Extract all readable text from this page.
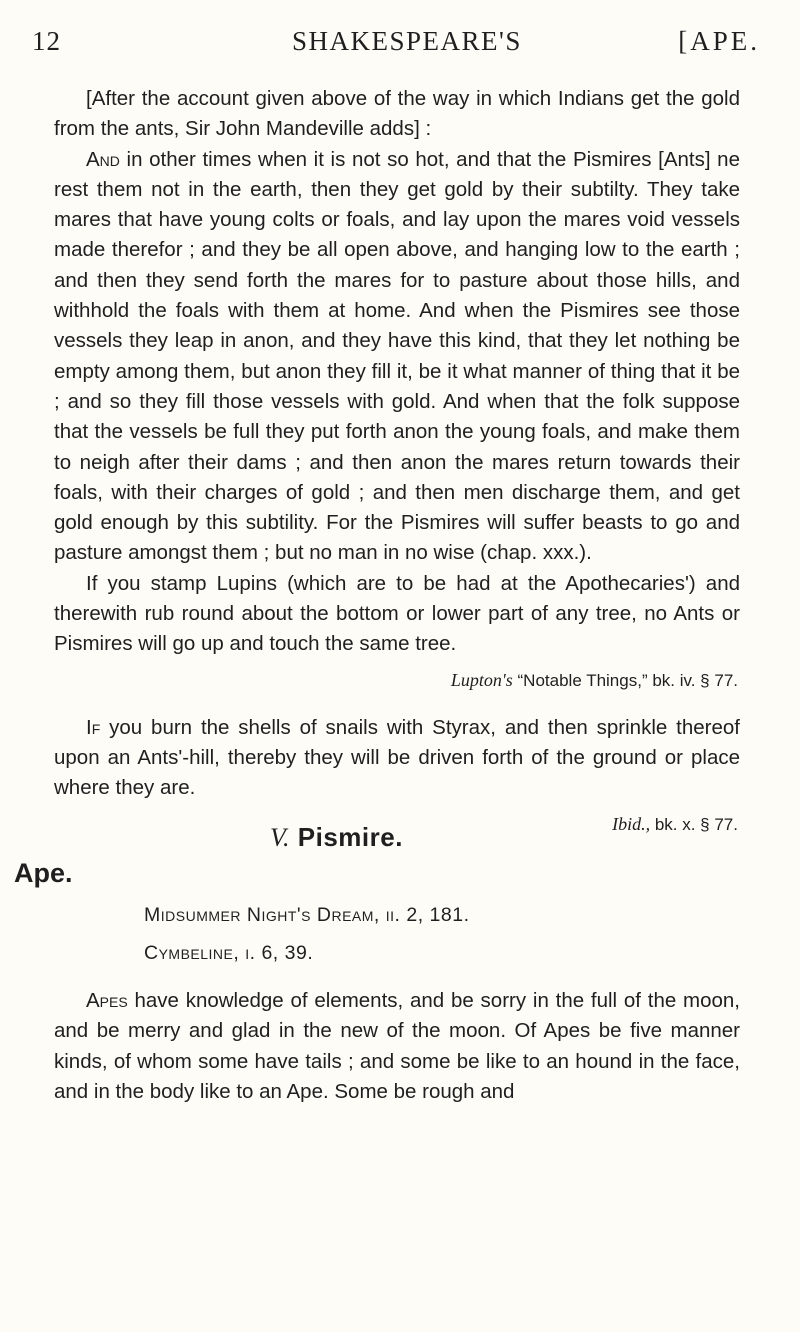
12	SHAKESPEARE'S	[APE.

[After the account given above of the way in which Indians get the gold from the ants, Sir John Mandeville adds] :

And in other times when it is not so hot, and that the Pismires [Ants] ne rest them not in the earth, then they get gold by their subtilty. They take mares that have young colts or foals, and lay upon the mares void vessels made therefor ; and they be all open above, and hanging low to the earth ; and then they send forth the mares for to pasture about those hills, and withhold the foals with them at home. And when the Pismires see those vessels they leap in anon, and they have this kind, that they let nothing be empty among them, but anon they fill it, be it what manner of thing that it be ; and so they fill those vessels with gold. And when that the folk suppose that the vessels be full they put forth anon the young foals, and make them to neigh after their dams ; and then anon the mares return towards their foals, with their charges of gold ; and then men discharge them, and get gold enough by this subtility. For the Pismires will suffer beasts to go and pasture amongst them ; but no man in no wise (chap. xxx.).

If you stamp Lupins (which are to be had at the Apothecaries') and therewith rub round about the bottom or lower part of any tree, no Ants or Pismires will go up and touch the same tree.

Lupton's “Notable Things,” bk. iv. § 77.

If you burn the shells of snails with Styrax, and then sprinkle thereof upon an Ants'-hill, thereby they will be driven forth of the ground or place where they are.

Ibid., bk. x. § 77.
V. Pismire.
Ape.
Midsummer Night's Dream, ii. 2, 181.
Cymbeline, i. 6, 39.

Apes have knowledge of elements, and be sorry in the full of the moon, and be merry and glad in the new of the moon. Of Apes be five manner kinds, of whom some have tails ; and some be like to an hound in the face, and in the body like to an Ape. Some be rough and
